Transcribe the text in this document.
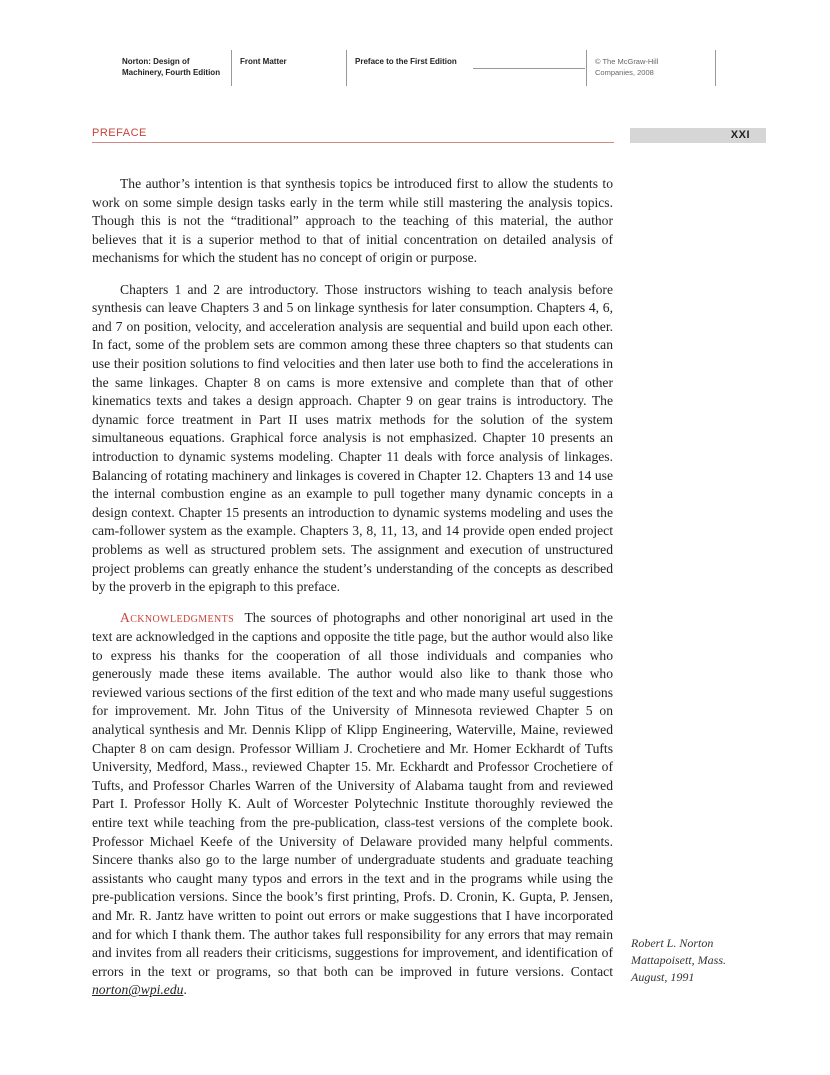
Norton: Design of
Machinery, Fourth Edition
Front Matter	Preface to the First Edition	© The McGraw-Hill
Companies, 2008
PREFACE	XXI

The author’s intention is that synthesis topics be introduced first to allow the students to work on some simple design tasks early in the term while still mastering the analysis topics. Though this is not the “traditional” approach to the teaching of this material, the author believes that it is a superior method to that of initial concentration on detailed analysis of mechanisms for which the student has no concept of origin or purpose.

Chapters 1 and 2 are introductory. Those instructors wishing to teach analysis before synthesis can leave Chapters 3 and 5 on linkage synthesis for later consumption. Chapters 4, 6, and 7 on position, velocity, and acceleration analysis are sequential and build upon each other. In fact, some of the problem sets are common among these three chapters so that students can use their position solutions to find velocities and then later use both to find the accelerations in the same linkages. Chapter 8 on cams is more extensive and complete than that of other kinematics texts and takes a design approach. Chapter 9 on gear trains is introductory. The dynamic force treatment in Part II uses matrix methods for the solution of the system simultaneous equations. Graphical force analysis is not emphasized. Chapter 10 presents an introduction to dynamic systems modeling. Chapter 11 deals with force analysis of linkages. Balancing of rotating machinery and linkages is covered in Chapter 12. Chapters 13 and 14 use the internal combustion engine as an example to pull together many dynamic concepts in a design context. Chapter 15 presents an introduction to dynamic systems modeling and uses the cam-follower system as the example. Chapters 3, 8, 11, 13, and 14 provide open ended project problems as well as structured problem sets. The assignment and execution of unstructured project problems can greatly enhance the student’s understanding of the concepts as described by the proverb in the epigraph to this preface.

Acknowledgments The sources of photographs and other nonoriginal art used in the text are acknowledged in the captions and opposite the title page, but the author would also like to express his thanks for the cooperation of all those individuals and companies who generously made these items available. The author would also like to thank those who reviewed various sections of the first edition of the text and who made many useful suggestions for improvement. Mr. John Titus of the University of Minnesota reviewed Chapter 5 on analytical synthesis and Mr. Dennis Klipp of Klipp Engineering, Waterville, Maine, reviewed Chapter 8 on cam design. Professor William J. Crochetiere and Mr. Homer Eckhardt of Tufts University, Medford, Mass., reviewed Chapter 15. Mr. Eckhardt and Professor Crochetiere of Tufts, and Professor Charles Warren of the University of Alabama taught from and reviewed Part I. Professor Holly K. Ault of Worcester Polytechnic Institute thoroughly reviewed the entire text while teaching from the pre-publication, class-test versions of the complete book. Professor Michael Keefe of the University of Delaware provided many helpful comments. Sincere thanks also go to the large number of undergraduate students and graduate teaching assistants who caught many typos and errors in the text and in the programs while using the pre-publication versions. Since the book’s first printing, Profs. D. Cronin, K. Gupta, P. Jensen, and Mr. R. Jantz have written to point out errors or make suggestions that I have incorporated and for which I thank them. The author takes full responsibility for any errors that may remain and invites from all readers their criticisms, suggestions for improvement, and identification of errors in the text or programs, so that both can be improved in future versions. Contact norton@wpi.edu.

Robert L. Norton
Mattapoisett, Mass.
August, 1991
